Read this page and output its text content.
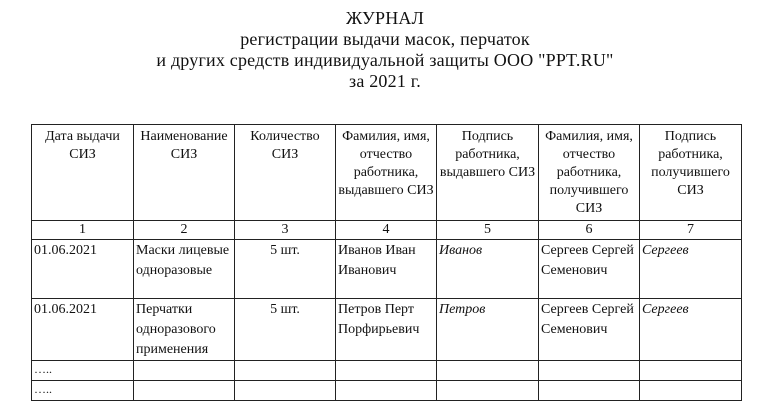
ЖУРНАЛ
регистрации выдачи масок, перчаток
и других средств индивидуальной защиты ООО "PPT.RU"
за 2021 г.
Дата выдачи СИЗ	Наименование СИЗ	Количество СИЗ	Фамилия, имя, отчество работника, выдавшего СИЗ	Подпись работника, выдавшего СИЗ	Фамилия, имя, отчество работника, получившего СИЗ	Подпись работника, получившего СИЗ
1	2	3	4	5	6	7
01.06.2021	Маски лицевые одноразовые	5 шт.	Иванов Иван Иванович	Иванов	Сергеев Сергей Семенович	Сергеев
01.06.2021	Перчатки одноразового применения	5 шт.	Петров Перт Порфирьевич	Петров	Сергеев Сергей Семенович	Сергеев
…..						
…..						
